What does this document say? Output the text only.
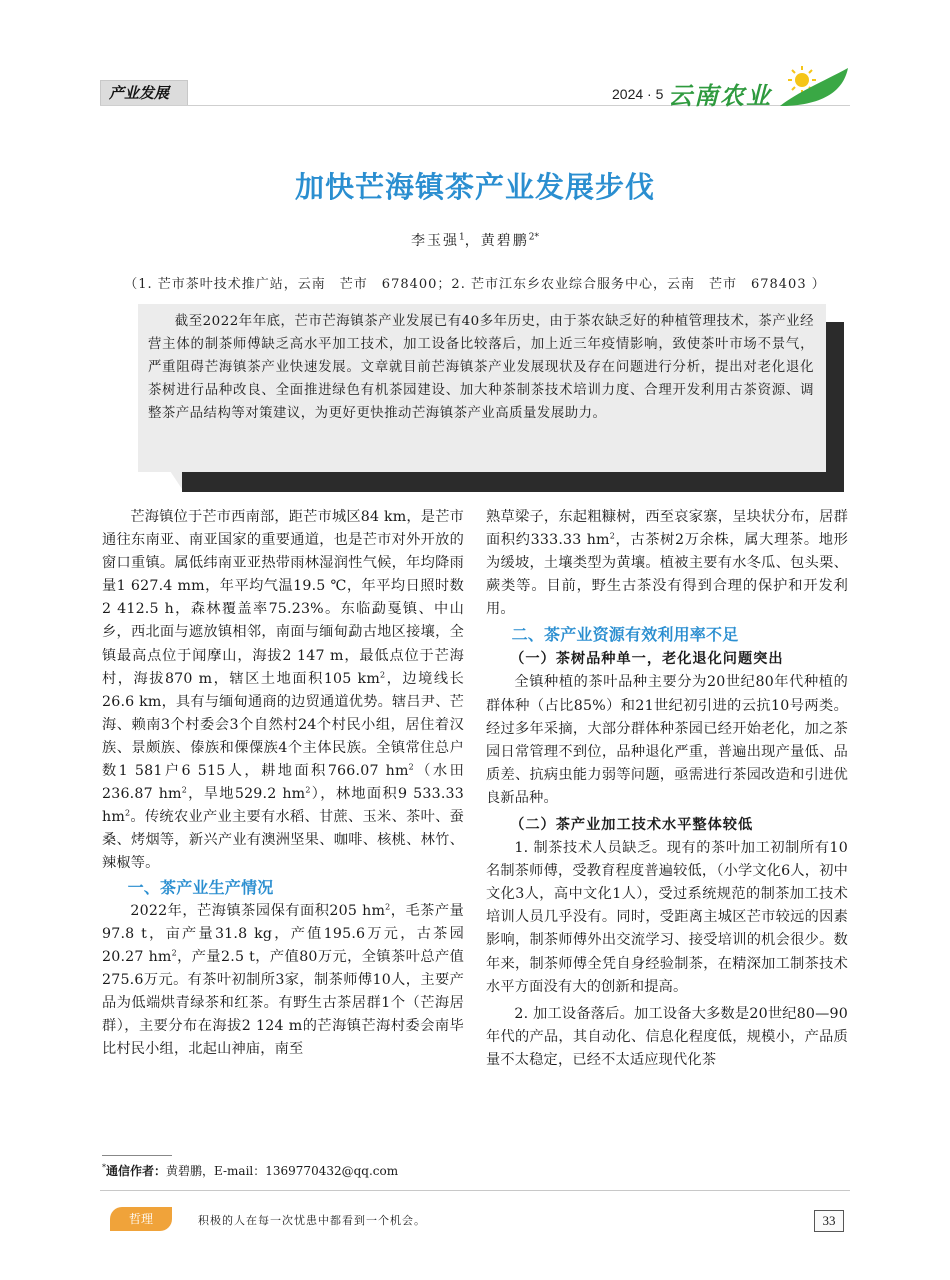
产业发展	2024 · 5 云南农业
加快芒海镇茶产业发展步伐
李玉强$^1$，黄碧鹏$^{2*}$
（1. 芒市茶叶技术推广站，云南　芒市　678400；2. 芒市江东乡农业综合服务中心，云南　芒市　678403 ）
截至2022年年底，芒市芒海镇茶产业发展已有40多年历史，由于茶农缺乏好的种植管理技术，茶产业经营主体的制茶师傅缺乏高水平加工技术，加工设备比较落后，加上近三年疫情影响，致使茶叶市场不景气，严重阻碍芒海镇茶产业快速发展。文章就目前芒海镇茶产业发展现状及存在问题进行分析，提出对老化退化茶树进行品种改良、全面推进绿色有机茶园建设、加大种茶制茶技术培训力度、合理开发利用古茶资源、调整茶产品结构等对策建议，为更好更快推动芒海镇茶产业高质量发展助力。

芒海镇位于芒市西南部，距芒市城区84 km，是芒市通往东南亚、南亚国家的重要通道，也是芒市对外开放的窗口重镇。属低纬南亚亚热带雨林湿润性气候，年均降雨量1 627.4 mm，年平均气温19.5 ℃，年平均日照时数2 412.5 h，森林覆盖率75.23%。东临勐戛镇、中山乡，西北面与遮放镇相邻，南面与缅甸勐古地区接壤，全镇最高点位于闻摩山，海拔2 147 m，最低点位于芒海村，海拔870 m，辖区土地面积105 $km^2$，边境线长26.6 km，具有与缅甸通商的边贸通道优势。辖吕尹、芒海、赖南3个村委会3个自然村24个村民小组，居住着汉族、景颇族、傣族和傈僳族4个主体民族。全镇常住总户数1 581户6 515人，耕地面积766.07 $hm^2$（水田236.87 $hm^2$，旱地529.2 $hm^2$），林地面积9 533.33 $hm^2$。传统农业产业主要有水稻、甘蔗、玉米、茶叶、蚕桑、烤烟等，新兴产业有澳洲坚果、咖啡、核桃、林竹、辣椒等。

一、茶产业生产情况

2022年，芒海镇茶园保有面积205 $hm^2$，毛茶产量97.8 t，亩产量31.8 kg，产值195.6万元，古茶园20.27 $hm^2$，产量2.5 t，产值80万元，全镇茶叶总产值275.6万元。有茶叶初制所3家，制茶师傅10人，主要产品为低端烘青绿茶和红茶。有野生古茶居群1个（芒海居群），主要分布在海拔2 124 m的芒海镇芒海村委会南毕比村民小组，北起山神庙，南至

熟草梁子，东起粗糠树，西至哀家寨，呈块状分布，居群面积约333.33 $hm^2$，古茶树2万余株，属大理茶。地形为缓坡，土壤类型为黄壤。植被主要有水冬瓜、包头栗、蕨类等。目前，野生古茶没有得到合理的保护和开发利用。

二、茶产业资源有效利用率不足
（一）茶树品种单一，老化退化问题突出

全镇种植的茶叶品种主要分为20世纪80年代种植的群体种（占比85%）和21世纪初引进的云抗10号两类。经过多年采摘，大部分群体种茶园已经开始老化，加之茶园日常管理不到位，品种退化严重，普遍出现产量低、品质差、抗病虫能力弱等问题，亟需进行茶园改造和引进优良新品种。

（二）茶产业加工技术水平整体较低

1. 制茶技术人员缺乏。现有的茶叶加工初制所有10名制茶师傅，受教育程度普遍较低，（小学文化6人，初中文化3人，高中文化1人），受过系统规范的制茶加工技术培训人员几乎没有。同时，受距离主城区芒市较远的因素影响，制茶师傅外出交流学习、接受培训的机会很少。数年来，制茶师傅全凭自身经验制茶，在精深加工制茶技术水平方面没有大的创新和提高。

2. 加工设备落后。加工设备大多数是20世纪80—90年代的产品，其自动化、信息化程度低，规模小，产品质量不太稳定，已经不太适应现代化茶

*通信作者：黄碧鹏，E-mail：1369770432@qq.com
哲理	积极的人在每一次忧患中都看到一个机会。	33
